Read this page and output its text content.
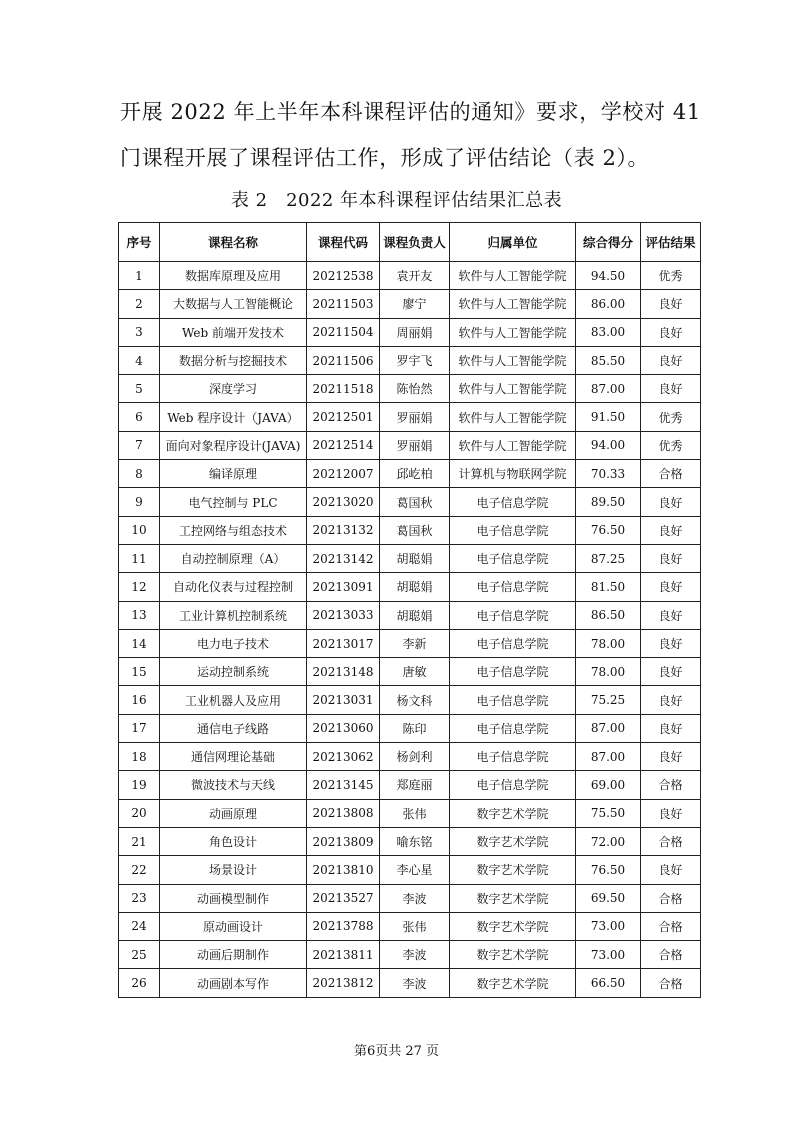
开展 2022 年上半年本科课程评估的通知》要求，学校对 41
门课程开展了课程评估工作，形成了评估结论（表 2）。
表 2　2022 年本科课程评估结果汇总表
序号	课程名称	课程代码	课程负责人	归属单位	综合得分	评估结果
1	数据库原理及应用	20212538	袁开友	软件与人工智能学院	94.50	优秀
2	大数据与人工智能概论	20211503	廖宁	软件与人工智能学院	86.00	良好
3	Web 前端开发技术	20211504	周丽娟	软件与人工智能学院	83.00	良好
4	数据分析与挖掘技术	20211506	罗宇飞	软件与人工智能学院	85.50	良好
5	深度学习	20211518	陈怡然	软件与人工智能学院	87.00	良好
6	Web 程序设计（JAVA）	20212501	罗丽娟	软件与人工智能学院	91.50	优秀
7	面向对象程序设计(JAVA)	20212514	罗丽娟	软件与人工智能学院	94.00	优秀
8	编译原理	20212007	邱屹柏	计算机与物联网学院	70.33	合格
9	电气控制与 PLC	20213020	葛国秋	电子信息学院	89.50	良好
10	工控网络与组态技术	20213132	葛国秋	电子信息学院	76.50	良好
11	自动控制原理（A）	20213142	胡聪娟	电子信息学院	87.25	良好
12	自动化仪表与过程控制	20213091	胡聪娟	电子信息学院	81.50	良好
13	工业计算机控制系统	20213033	胡聪娟	电子信息学院	86.50	良好
14	电力电子技术	20213017	李新	电子信息学院	78.00	良好
15	运动控制系统	20213148	唐敏	电子信息学院	78.00	良好
16	工业机器人及应用	20213031	杨文科	电子信息学院	75.25	良好
17	通信电子线路	20213060	陈印	电子信息学院	87.00	良好
18	通信网理论基础	20213062	杨剑利	电子信息学院	87.00	良好
19	微波技术与天线	20213145	郑庭丽	电子信息学院	69.00	合格
20	动画原理	20213808	张伟	数字艺术学院	75.50	良好
21	角色设计	20213809	喻东铭	数字艺术学院	72.00	合格
22	场景设计	20213810	李心星	数字艺术学院	76.50	良好
23	动画模型制作	20213527	李波	数字艺术学院	69.50	合格
24	原动画设计	20213788	张伟	数字艺术学院	73.00	合格
25	动画后期制作	20213811	李波	数字艺术学院	73.00	合格
26	动画剧本写作	20213812	李波	数字艺术学院	66.50	合格
第6页共 27 页
